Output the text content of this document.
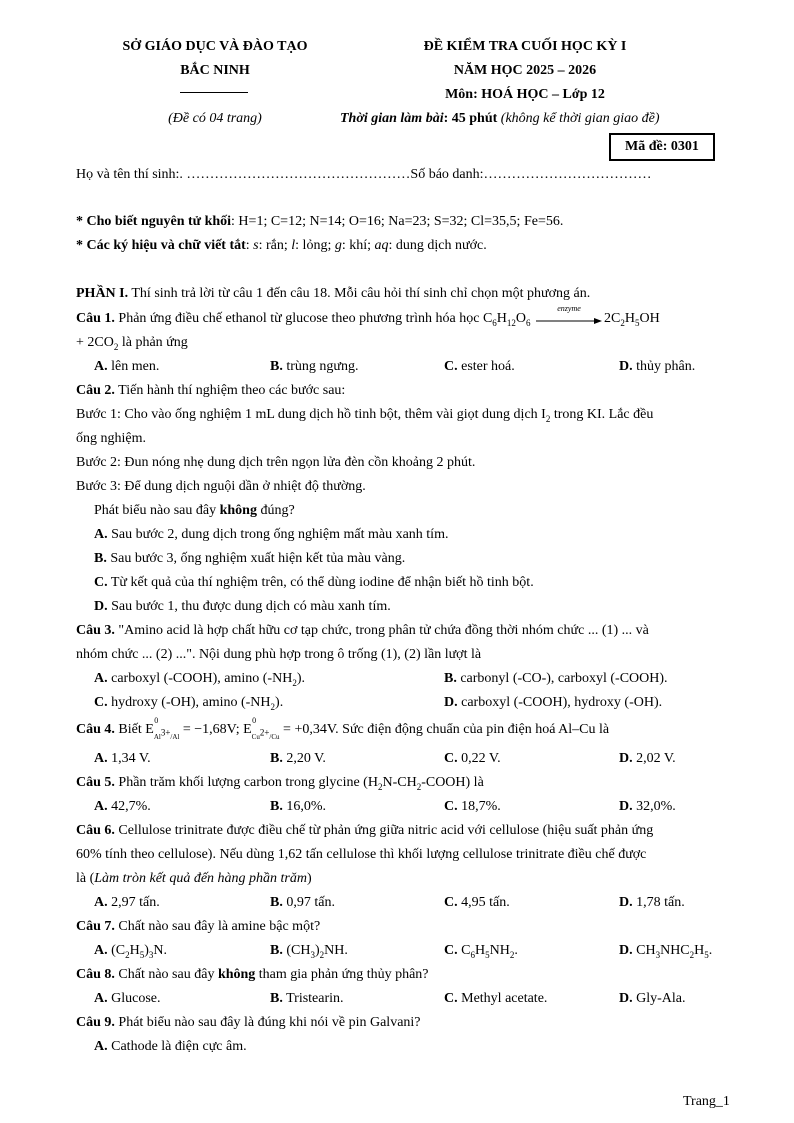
SỞ GIÁO DỤC VÀ ĐÀO TẠO
BẮC NINH
(Đề có 04 trang)
ĐỀ KIỂM TRA CUỐI HỌC KỲ I
NĂM HỌC 2025 – 2026
Môn: HOÁ HỌC – Lớp 12
Thời gian làm bài: 45 phút (không kể thời gian giao đề)
Mã đề: 0301
Họ và tên thí sinh:. …………………………………………Số báo danh:………………………………
* Cho biết nguyên tử khối: H=1; C=12; N=14; O=16; Na=23; S=32; Cl=35,5; Fe=56.
* Các ký hiệu và chữ viết tắt: s: rắn; l: lỏng; g: khí; aq: dung dịch nước.
PHẦN I. Thí sinh trả lời từ câu 1 đến câu 18. Mỗi câu hỏi thí sinh chỉ chọn một phương án.
Câu 1. Phản ứng điều chế ethanol từ glucose theo phương trình hóa học $C_6H_{12}O_6$
enzyme
$2C_2H_5OH$
+ $2CO_2$ là phản ứng
A. lên men.	B. trùng ngưng.	C. ester hoá.	D. thủy phân.
Câu 2. Tiến hành thí nghiệm theo các bước sau:
Bước 1: Cho vào ống nghiệm 1 mL dung dịch hồ tinh bột, thêm vài giọt dung dịch $I_2$ trong KI. Lắc đều
ống nghiệm.
Bước 2: Đun nóng nhẹ dung dịch trên ngọn lửa đèn cồn khoảng 2 phút.
Bước 3: Để dung dịch nguội dần ở nhiệt độ thường.
Phát biểu nào sau đây không đúng?
A. Sau bước 2, dung dịch trong ống nghiệm mất màu xanh tím.
B. Sau bước 3, ống nghiệm xuất hiện kết tủa màu vàng.
C. Từ kết quả của thí nghiệm trên, có thể dùng iodine để nhận biết hồ tinh bột.
D. Sau bước 1, thu được dung dịch có màu xanh tím.
Câu 3. "Amino acid là hợp chất hữu cơ tạp chức, trong phân tử chứa đồng thời nhóm chức ... (1) ... và
nhóm chức ... (2) ...". Nội dung phù hợp trong ô trống (1), (2) lần lượt là
A. carboxyl (-COOH), amino $(-NH_2)$.	B. carbonyl (-CO-), carboxyl (-COOH).
C. hydroxy (-OH), amino $(-NH_2)$.	D. carboxyl (-COOH), hydroxy (-OH).
Câu 4. Biết E
0
$_{Al^{3+}/Al}$ = −1,68V; E
0
$_{Cu^{2+}/Cu}$ = +0,34V. Sức điện động chuẩn của pin điện hoá Al–Cu là
A. 1,34 V.	B. 2,20 V.	C. 0,22 V.	D. 2,02 V.
Câu 5. Phần trăm khối lượng carbon trong glycine $(H_2N-CH_2-COOH)$ là
A. 42,7%.	B. 16,0%.	C. 18,7%.	D. 32,0%.
Câu 6. Cellulose trinitrate được điều chế từ phản ứng giữa nitric acid với cellulose (hiệu suất phản ứng
60% tính theo cellulose). Nếu dùng 1,62 tấn cellulose thì khối lượng cellulose trinitrate điều chế được
là (Làm tròn kết quả đến hàng phần trăm)
A. 2,97 tấn.	B. 0,97 tấn.	C. 4,95 tấn.	D. 1,78 tấn.
Câu 7. Chất nào sau đây là amine bậc một?
A. $(C_2H_5)_3N$.	B. $(CH_3)_2NH$.	C. $C_6H_5NH_2$.	D. $CH_3NHC_2H_5$.
Câu 8. Chất nào sau đây không tham gia phản ứng thủy phân?
A. Glucose.	B. Tristearin.	C. Methyl acetate.	D. Gly-Ala.
Câu 9. Phát biểu nào sau đây là đúng khi nói về pin Galvani?
A. Cathode là điện cực âm.
Trang_1
